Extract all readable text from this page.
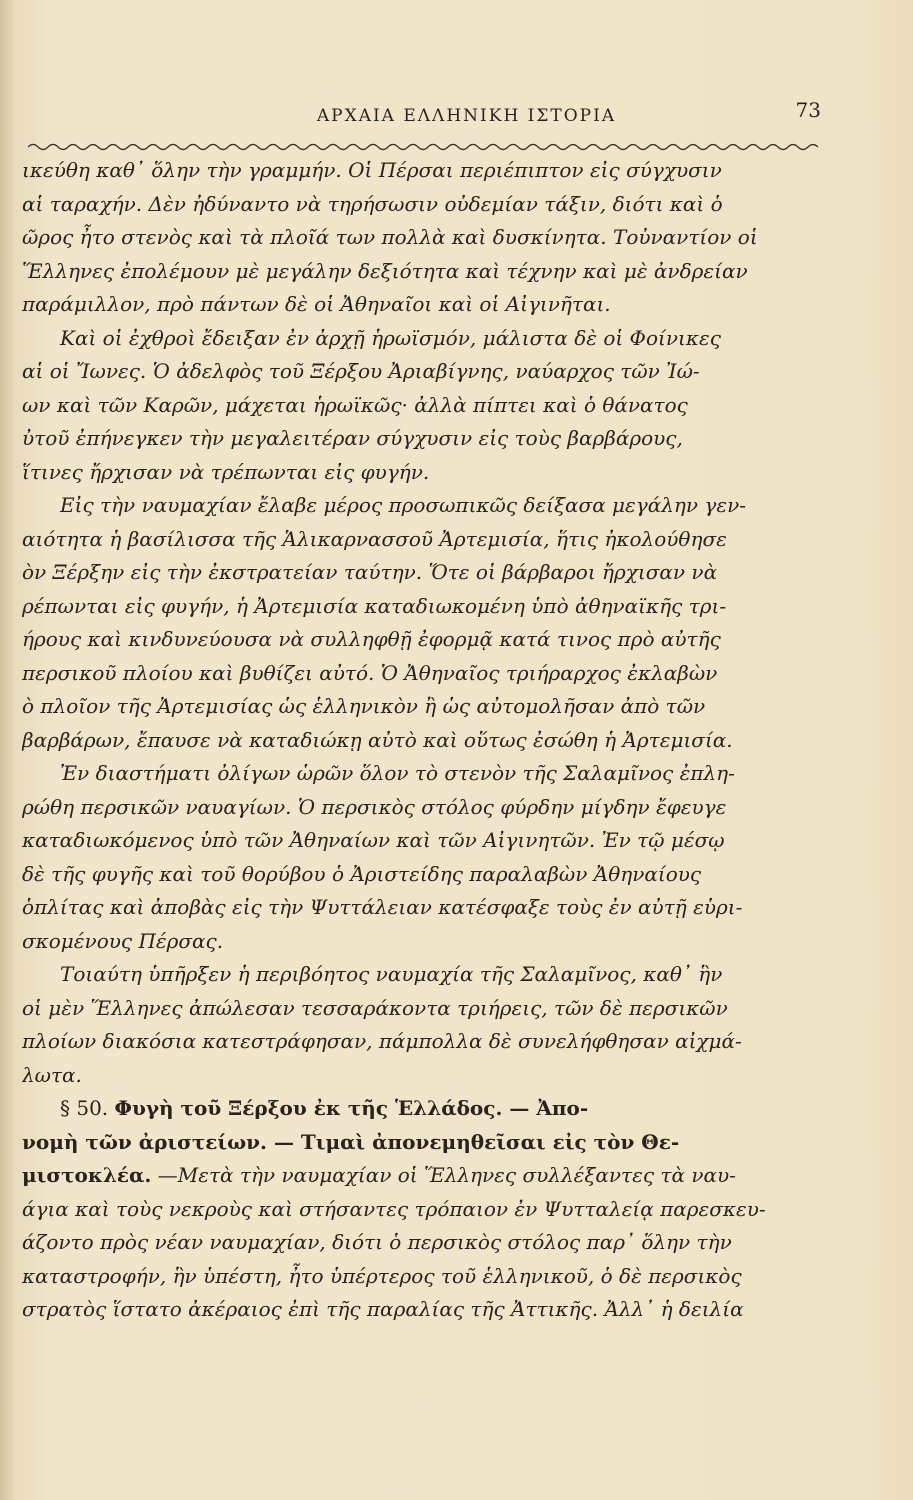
ΑΡΧΑΙΑ ΕΛΛΗΝΙΚΗ ΙΣΤΟΡΙΑ	73
ικεύθη καθ᾽ ὅλην τὴν γραμμήν. Οἱ Πέρσαι περιέπιπτον εἰς σύγχυσιν
αἱ ταραχήν. Δὲν ἠδύναντο νὰ τηρήσωσιν οὐδεμίαν τάξιν, διότι καὶ ὁ
ῶρος ἦτο στενὸς καὶ τὰ πλοῖά των πολλὰ καὶ δυσκίνητα. Τοὐναντίον οἱ
Ἕλληνες ἐπολέμουν μὲ μεγάλην δεξιότητα καὶ τέχνην καὶ μὲ ἀνδρείαν
παράμιλλον, πρὸ πάντων δὲ οἱ Ἀθηναῖοι καὶ οἱ Αἰγινῆται.
Καὶ οἱ ἐχθροὶ ἔδειξαν ἐν ἀρχῇ ἡρωϊσμόν, μάλιστα δὲ οἱ Φοίνικες
αἱ οἱ Ἴωνες. Ὁ ἀδελφὸς τοῦ Ξέρξου Ἀριαβίγνης, ναύαρχος τῶν Ἰώ-
ων καὶ τῶν Καρῶν, μάχεται ἡρωϊκῶς· ἀλλὰ πίπτει καὶ ὁ θάνατος
ὐτοῦ ἐπήνεγκεν τὴν μεγαλειτέραν σύγχυσιν εἰς τοὺς βαρβάρους,
ἵτινες ἤρχισαν νὰ τρέπωνται εἰς φυγήν.
Εἰς τὴν ναυμαχίαν ἔλαβε μέρος προσωπικῶς δείξασα μεγάλην γεν-
αιότητα ἡ βασίλισσα τῆς Ἁλικαρνασσοῦ Ἀρτεμισία, ἥτις ἠκολούθησε
ὸν Ξέρξην εἰς τὴν ἐκστρατείαν ταύτην. Ὅτε οἱ βάρβαροι ἤρχισαν νὰ
ρέπωνται εἰς φυγήν, ἡ Ἀρτεμισία καταδιωκομένη ὑπὸ ἀθηναϊκῆς τρι-
ήρους καὶ κινδυνεύουσα νὰ συλληφθῇ ἐφορμᾷ κατά τινος πρὸ αὐτῆς
περσικοῦ πλοίου καὶ βυθίζει αὐτό. Ὁ Ἀθηναῖος τριήραρχος ἐκλαβὼν
ὸ πλοῖον τῆς Ἀρτεμισίας ὡς ἑλληνικὸν ἢ ὡς αὐτομολῆσαν ἀπὸ τῶν
βαρβάρων, ἔπαυσε νὰ καταδιώκῃ αὐτὸ καὶ οὕτως ἐσώθη ἡ Ἀρτεμισία.
Ἐν διαστήματι ὀλίγων ὡρῶν ὅλον τὸ στενὸν τῆς Σαλαμῖνος ἐπλη-
ρώθη περσικῶν ναυαγίων. Ὁ περσικὸς στόλος φύρδην μίγδην ἔφευγε
καταδιωκόμενος ὑπὸ τῶν Ἀθηναίων καὶ τῶν Αἰγινητῶν. Ἐν τῷ μέσῳ
δὲ τῆς φυγῆς καὶ τοῦ θορύβου ὁ Ἀριστείδης παραλαβὼν Ἀθηναίους
ὁπλίτας καὶ ἀποβὰς εἰς τὴν Ψυττάλειαν κατέσφαξε τοὺς ἐν αὐτῇ εὑρι-
σκομένους Πέρσας.
Τοιαύτη ὑπῆρξεν ἡ περιβόητος ναυμαχία τῆς Σαλαμῖνος, καθ᾽ ἣν
οἱ μὲν Ἕλληνες ἀπώλεσαν τεσσαράκοντα τριήρεις, τῶν δὲ περσικῶν
πλοίων διακόσια κατεστράφησαν, πάμπολλα δὲ συνελήφθησαν αἰχμά-
λωτα.
§ 50. Φυγὴ τοῦ Ξέρξου ἐκ τῆς Ἑλλάδος. — Ἀπο-
νομὴ τῶν ἀριστείων. — Τιμαὶ ἀπονεμηθεῖσαι εἰς τὸν Θε-
μιστοκλέα. —Μετὰ τὴν ναυμαχίαν οἱ Ἕλληνες συλλέξαντες τὰ ναυ-
άγια καὶ τοὺς νεκροὺς καὶ στήσαντες τρόπαιον ἐν Ψυτταλείᾳ παρεσκευ-
άζοντο πρὸς νέαν ναυμαχίαν, διότι ὁ περσικὸς στόλος παρ᾽ ὅλην τὴν
καταστροφήν, ἣν ὑπέστη, ἦτο ὑπέρτερος τοῦ ἑλληνικοῦ, ὁ δὲ περσικὸς
στρατὸς ἵστατο ἀκέραιος ἐπὶ τῆς παραλίας τῆς Ἀττικῆς. Ἀλλ᾽ ἡ δειλία
